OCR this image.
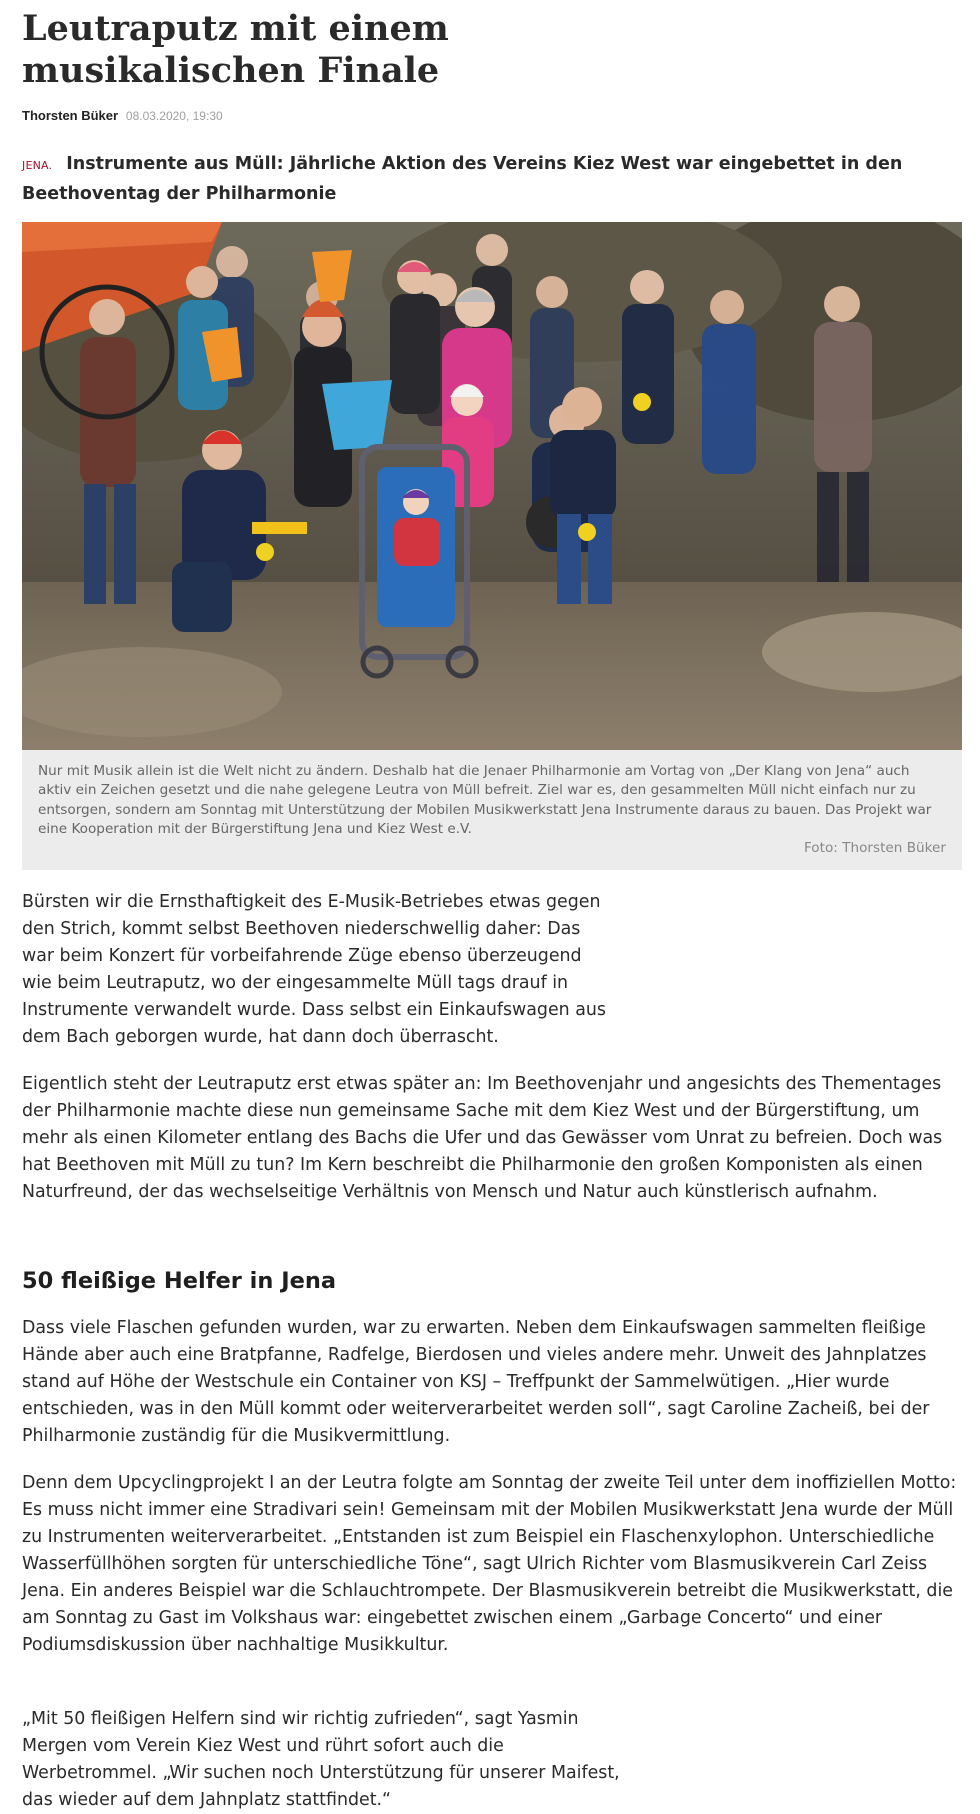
Leutraputz mit einem musikalischen Finale
Thorsten Büker 08.03.2020, 19:30

JENA. Instrumente aus Müll: Jährliche Aktion des Vereins Kiez West war eingebettet in den Beethoventag der Philharmonie

Nur mit Musik allein ist die Welt nicht zu ändern. Deshalb hat die Jenaer Philharmonie am Vortag von „Der Klang von Jena“ auch aktiv ein Zeichen gesetzt und die nahe gelegene Leutra von Müll befreit. Ziel war es, den gesammelten Müll nicht einfach nur zu entsorgen, sondern am Sonntag mit Unterstützung der Mobilen Musikwerkstatt Jena Instrumente daraus zu bauen. Das Projekt war eine Kooperation mit der Bürgerstiftung Jena und Kiez West e.V.

Foto: Thorsten Büker

Bürsten wir die Ernsthaftigkeit des E-Musik-Betriebes etwas gegen den Strich, kommt selbst Beethoven niederschwellig daher: Das war beim Konzert für vorbeifahrende Züge ebenso überzeugend wie beim Leutraputz, wo der eingesammelte Müll tags drauf in Instrumente verwandelt wurde. Dass selbst ein Einkaufswagen aus dem Bach geborgen wurde, hat dann doch überrascht.

Eigentlich steht der Leutraputz erst etwas später an: Im Beethovenjahr und angesichts des Thementages der Philharmonie machte diese nun gemeinsame Sache mit dem Kiez West und der Bürgerstiftung, um mehr als einen Kilometer entlang des Bachs die Ufer und das Gewässer vom Unrat zu befreien. Doch was hat Beethoven mit Müll zu tun? Im Kern beschreibt die Philharmonie den großen Komponisten als einen Naturfreund, der das wechselseitige Verhältnis von Mensch und Natur auch künstlerisch aufnahm.

50 fleißige Helfer in Jena

Dass viele Flaschen gefunden wurden, war zu erwarten. Neben dem Einkaufswagen sammelten fleißige Hände aber auch eine Bratpfanne, Radfelge, Bierdosen und vieles andere mehr. Unweit des Jahnplatzes stand auf Höhe der Westschule ein Container von KSJ – Treffpunkt der Sammelwütigen. „Hier wurde entschieden, was in den Müll kommt oder weiterverarbeitet werden soll“, sagt Caroline Zacheiß, bei der Philharmonie zuständig für die Musikvermittlung.

Denn dem Upcyclingprojekt I an der Leutra folgte am Sonntag der zweite Teil unter dem inoffiziellen Motto: Es muss nicht immer eine Stradivari sein! Gemeinsam mit der Mobilen Musikwerkstatt Jena wurde der Müll zu Instrumenten weiterverarbeitet. „Entstanden ist zum Beispiel ein Flaschenxylophon. Unterschiedliche Wasserfüllhöhen sorgten für unterschiedliche Töne“, sagt Ulrich Richter vom Blasmusikverein Carl Zeiss Jena. Ein anderes Beispiel war die Schlauchtrompete. Der Blasmusikverein betreibt die Musikwerkstatt, die am Sonntag zu Gast im Volkshaus war: eingebettet zwischen einem „Garbage Concerto“ und einer Podiumsdiskussion über nachhaltige Musikkultur.

„Mit 50 fleißigen Helfern sind wir richtig zufrieden“, sagt Yasmin Mergen vom Verein Kiez West und rührt sofort auch die Werbetrommel. „Wir suchen noch Unterstützung für unserer Maifest, das wieder auf dem Jahnplatz stattfindet.“
